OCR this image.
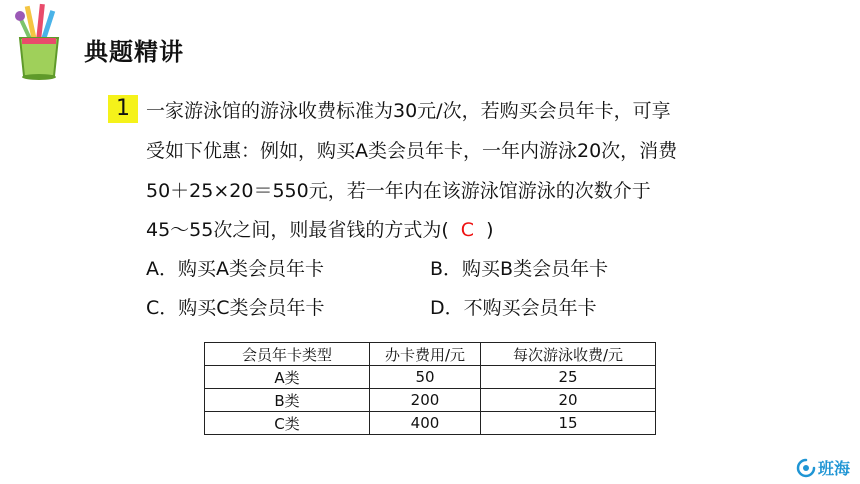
典题精讲
1 一家游泳馆的游泳收费标准为30元/次，若购买会员年卡，可享
受如下优惠：例如，购买A类会员年卡，一年内游泳20次，消费
50＋25×20＝550元，若一年内在该游泳馆游泳的次数介于
45～55次之间，则最省钱的方式为( C )
A．购买A类会员年卡	B．购买B类会员年卡
C．购买C类会员年卡	D．不购买会员年卡
会员年卡类型	办卡费用/元	每次游泳收费/元
A类	50	25
B类	200	20
C类	400	15
班海
